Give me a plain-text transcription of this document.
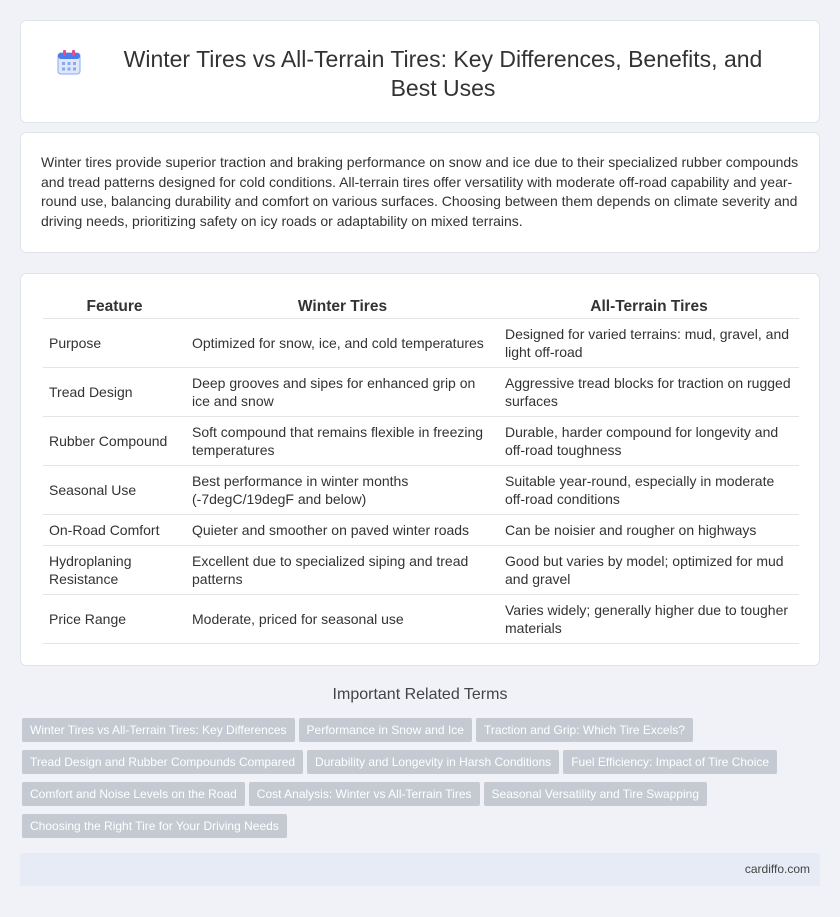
Winter Tires vs All-Terrain Tires: Key Differences, Benefits, and Best Uses

Winter tires provide superior traction and braking performance on snow and ice due to their specialized rubber compounds and tread patterns designed for cold conditions. All-terrain tires offer versatility with moderate off-road capability and year-round use, balancing durability and comfort on various surfaces. Choosing between them depends on climate severity and driving needs, prioritizing safety on icy roads or adaptability on mixed terrains.

Feature	Winter Tires	All-Terrain Tires
Purpose	Optimized for snow, ice, and cold temperatures	Designed for varied terrains: mud, gravel, and light off-road
Tread Design	Deep grooves and sipes for enhanced grip on ice and snow	Aggressive tread blocks for traction on rugged surfaces
Rubber Compound	Soft compound that remains flexible in freezing temperatures	Durable, harder compound for longevity and off-road toughness
Seasonal Use	Best performance in winter months (-7degC/19degF and below)	Suitable year-round, especially in moderate off-road conditions
On-Road Comfort	Quieter and smoother on paved winter roads	Can be noisier and rougher on highways
Hydroplaning Resistance	Excellent due to specialized siping and tread patterns	Good but varies by model; optimized for mud and gravel
Price Range	Moderate, priced for seasonal use	Varies widely; generally higher due to tougher materials
Important Related Terms
Winter Tires vs All-Terrain Tires: Key Differences Performance in Snow and Ice Traction and Grip: Which Tire Excels?
Tread Design and Rubber Compounds Compared Durability and Longevity in Harsh Conditions Fuel Efficiency: Impact of Tire Choice
Comfort and Noise Levels on the Road Cost Analysis: Winter vs All-Terrain Tires Seasonal Versatility and Tire Swapping
Choosing the Right Tire for Your Driving Needs
cardiffo.com
